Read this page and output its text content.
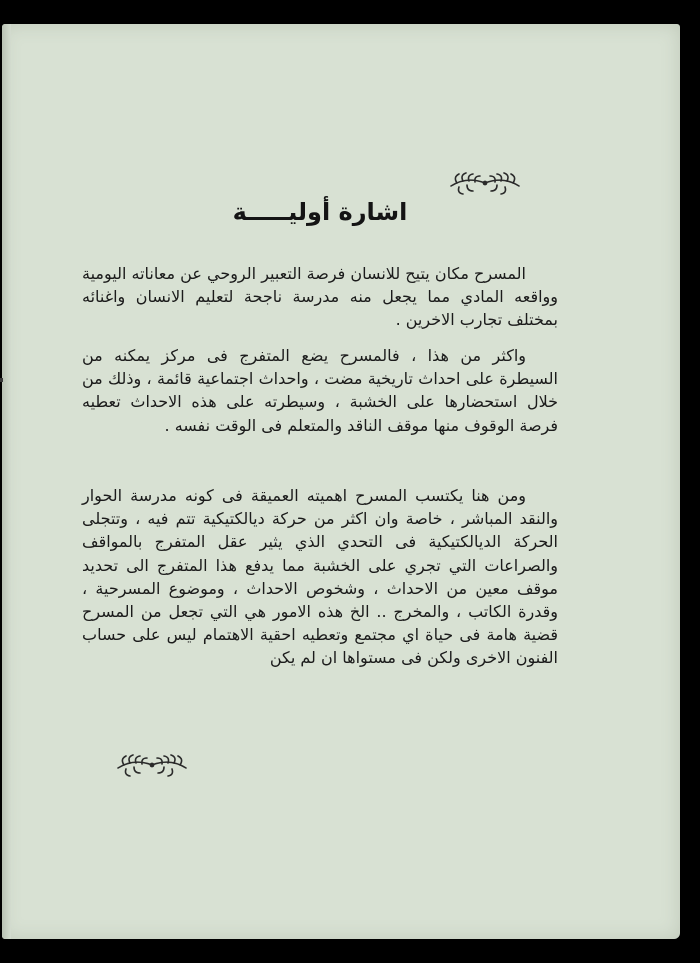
اشارة أوليـــــة

المسرح مكان يتيح للانسان فرصة التعبير الروحي عن معاناته اليومية وواقعه المادي مما يجعل منه مدرسة ناجحة لتعليم الانسان واغنائه بمختلف تجارب الاخرين .

واكثر من هذا ، فالمسرح يضع المتفرج فى مركز يمكنه من السيطرة على احداث تاريخية مضت ، واحداث اجتماعية قائمة ، وذلك من خلال استحضارها على الخشبة ، وسيطرته على هذه الاحداث تعطيه فرصة الوقوف منها موقف الناقد والمتعلم فى الوقت نفسه .

ومن هنا يكتسب المسرح اهميته العميقة فى كونه مدرسة الحوار والنقد المباشر ، خاصة وان اكثر من حركة ديالكتيكية تتم فيه ، وتتجلى الحركة الديالكتيكية فى التحدي الذي يثير عقل المتفرج بالمواقف والصراعات التي تجري على الخشبة مما يدفع هذا المتفرج الى تحديد موقف معين من الاحداث ، وشخوص الاحداث ، وموضوع المسرحية ، وقدرة الكاتب ، والمخرج .. الخ هذه الامور هي التي تجعل من المسرح قضية هامة فى حياة اي مجتمع وتعطيه احقية الاهتمام ليس على حساب الفنون الاخرى ولكن فى مستواها ان لم يكن
